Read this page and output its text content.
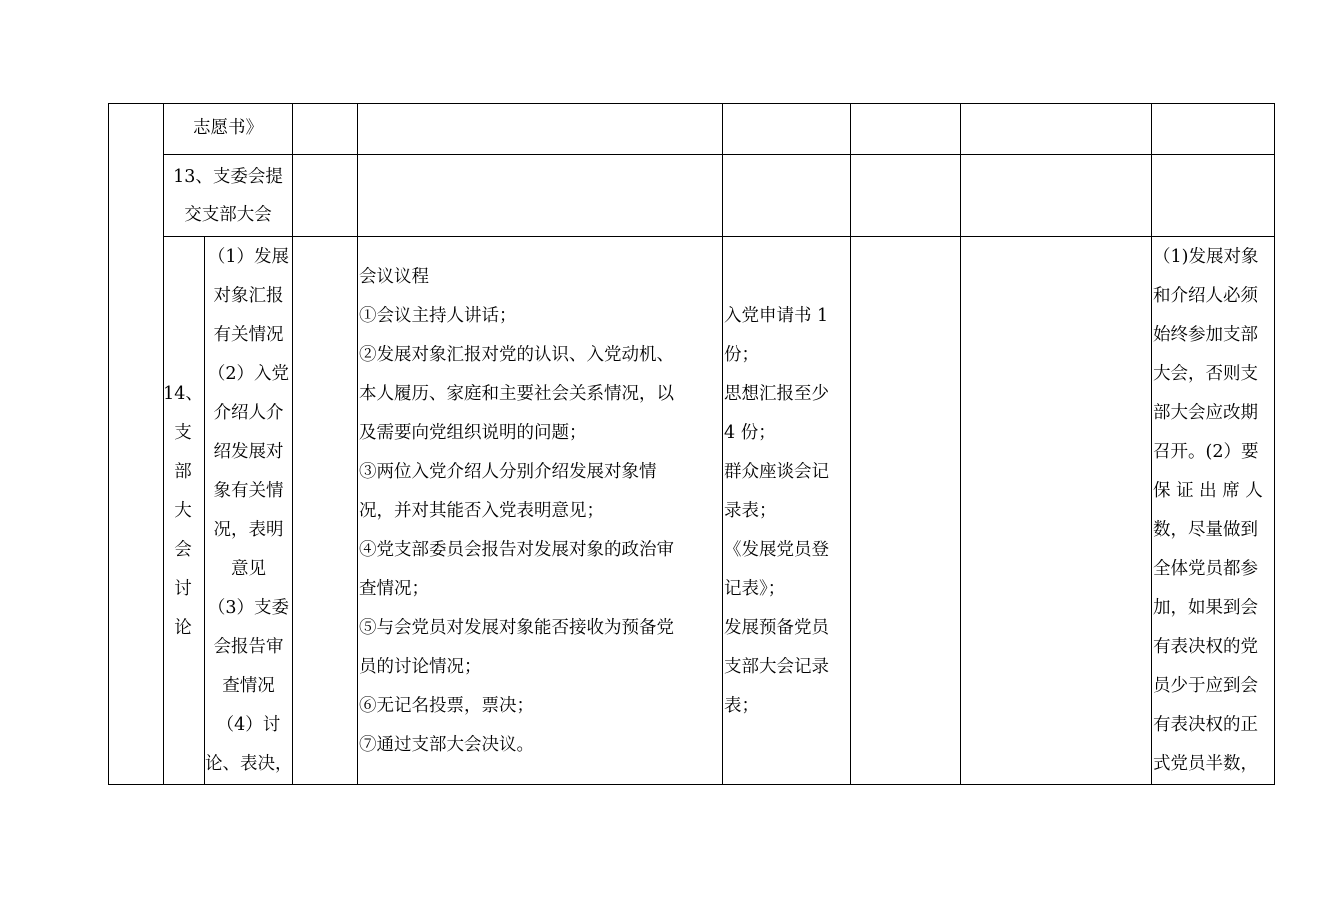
志愿书》
13、支委会提
交支部大会
14、
支
部
大
会
讨
论
（1）发展
对象汇报
有关情况
（2）入党
介绍人介
绍发展对
象有关情
况，表明
意见
（3）支委
会报告审
查情况
（4）讨
论、表决，
会议议程
①会议主持人讲话；
②发展对象汇报对党的认识、入党动机、
本人履历、家庭和主要社会关系情况，以
及需要向党组织说明的问题；
③两位入党介绍人分别介绍发展对象情
况，并对其能否入党表明意见；
④党支部委员会报告对发展对象的政治审
查情况；
⑤与会党员对发展对象能否接收为预备党
员的讨论情况；
⑥无记名投票，票决；
⑦通过支部大会决议。
入党申请书 1
份；
思想汇报至少
4 份；
群众座谈会记
录表；
《发展党员登
记表》；
发展预备党员
支部大会记录
表；
（1)发展对象
和介绍人必须
始终参加支部
大会，否则支
部大会应改期
召开。(2）要
保 证 出 席 人
数，尽量做到
全体党员都参
加，如果到会
有表决权的党
员少于应到会
有表决权的正
式党员半数，
